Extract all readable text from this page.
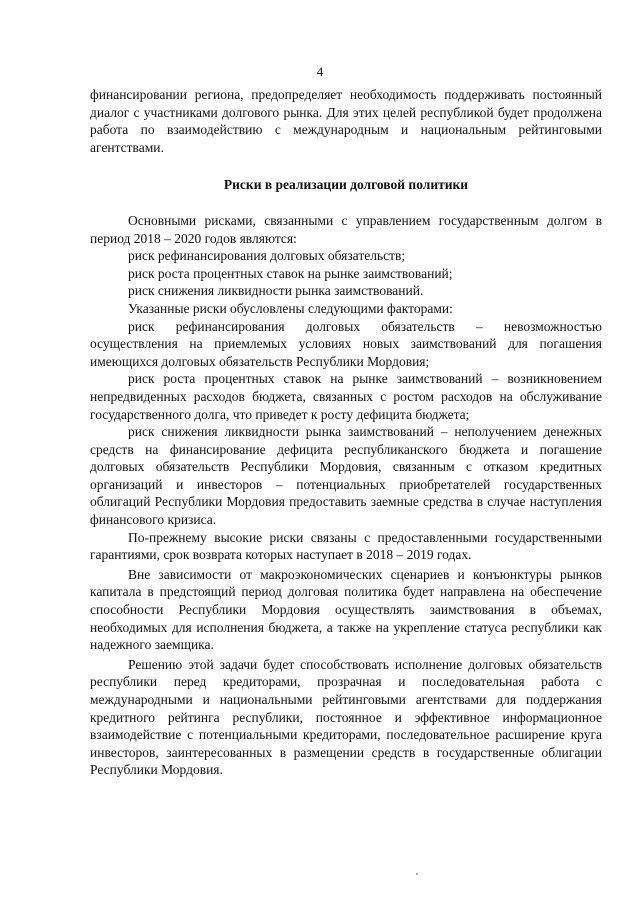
4

финансировании региона, предопределяет необходимость поддерживать постоянный диалог с участниками долгового рынка. Для этих целей республикой будет продолжена работа по взаимодействию с международным и национальным рейтинговыми агентствами.

Риски в реализации долговой политики

Основными рисками, связанными с управлением государственным долгом в период 2018 – 2020 годов являются:

риск рефинансирования долговых обязательств;

риск роста процентных ставок на рынке заимствований;

риск снижения ликвидности рынка заимствований.

Указанные риски обусловлены следующими факторами:

риск рефинансирования долговых обязательств – невозможностью осуществления на приемлемых условиях новых заимствований для погашения имеющихся долговых обязательств Республики Мордовия;

риск роста процентных ставок на рынке заимствований – возникновением непредвиденных расходов бюджета, связанных с ростом расходов на обслуживание государственного долга, что приведет к росту дефицита бюджета;

риск снижения ликвидности рынка заимствований – неполучением денежных средств на финансирование дефицита республиканского бюджета и погашение долговых обязательств Республики Мордовия, связанным с отказом кредитных организаций и инвесторов – потенциальных приобретателей государственных облигаций Республики Мордовия предоставить заемные средства в случае наступления финансового кризиса.

По-прежнему высокие риски связаны с предоставленными государственными гарантиями, срок возврата которых наступает в 2018 – 2019 годах.

Вне зависимости от макроэкономических сценариев и конъюнктуры рынков капитала в предстоящий период долговая политика будет направлена на обеспечение способности Республики Мордовия осуществлять заимствования в объемах, необходимых для исполнения бюджета, а также на укрепление статуса республики как надежного заемщика.

Решению этой задачи будет способствовать исполнение долговых обязательств республики перед кредиторами, прозрачная и последовательная работа с международными и национальными рейтинговыми агентствами для поддержания кредитного рейтинга республики, постоянное и эффективное информационное взаимодействие с потенциальными кредиторами, последовательное расширение круга инвесторов, заинтересованных в размещении средств в государственные облигации Республики Мордовия.
